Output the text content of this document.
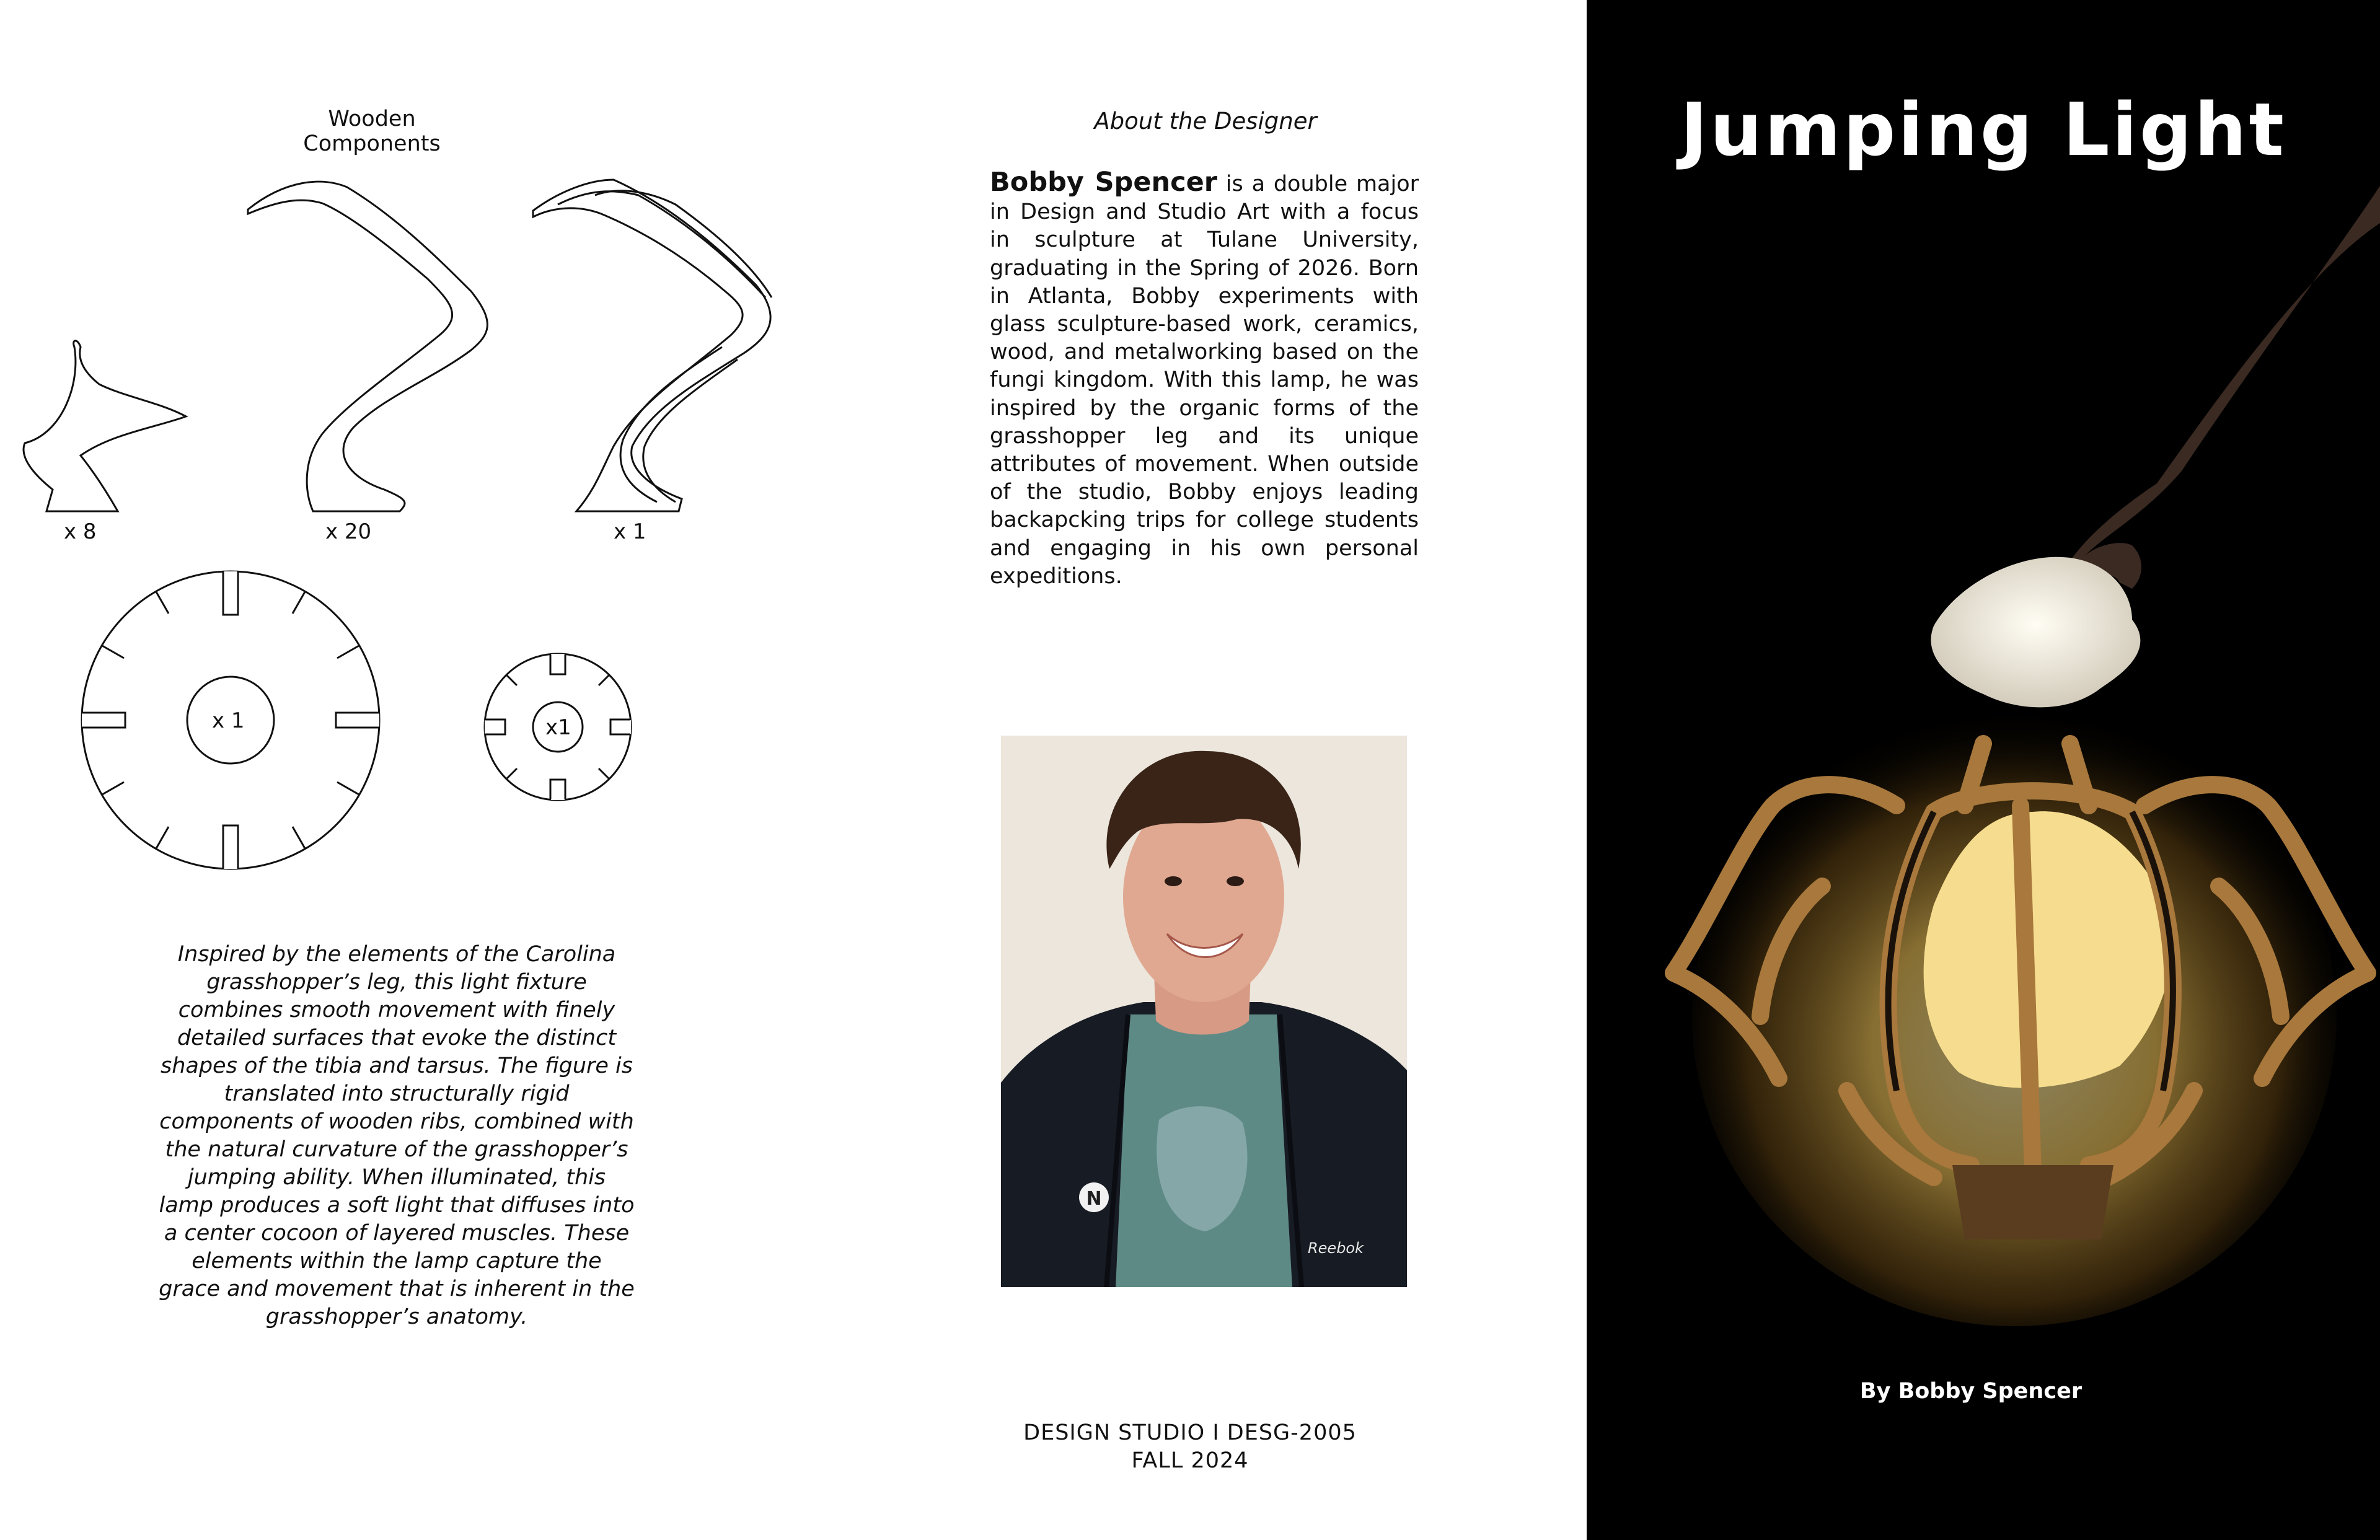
Wooden Components
x 8	x 20	x 1
x 1	x1
Inspired by the elements of the Carolina grasshopper’s leg, this light fixture combines smooth movement with finely detailed surfaces that evoke the distinct shapes of the tibia and tarsus. The figure is translated into structurally rigid components of wooden ribs, combined with the natural curvature of the grasshopper’s jumping ability. When illuminated, this lamp produces a soft light that diffuses into a center cocoon of layered muscles. These elements within the lamp capture the grace and movement that is inherent in the grasshopper’s anatomy.
About the Designer
Bobby Spencer is a double major in Design and Studio Art with a focus in sculpture at Tulane University, graduating in the Spring of 2026. Born in Atlanta, Bobby experiments with glass sculpture-based work, ceramics, wood, and metalworking based on the fungi kingdom. With this lamp, he was inspired by the organic forms of the grasshopper leg and its unique attributes of movement. When outside of the studio, Bobby enjoys leading backapcking trips for college students and engaging in his own personal expeditions.
N
Reebok
DESIGN STUDIO I DESG-2005
FALL 2024
Jumping Light
By Bobby Spencer
